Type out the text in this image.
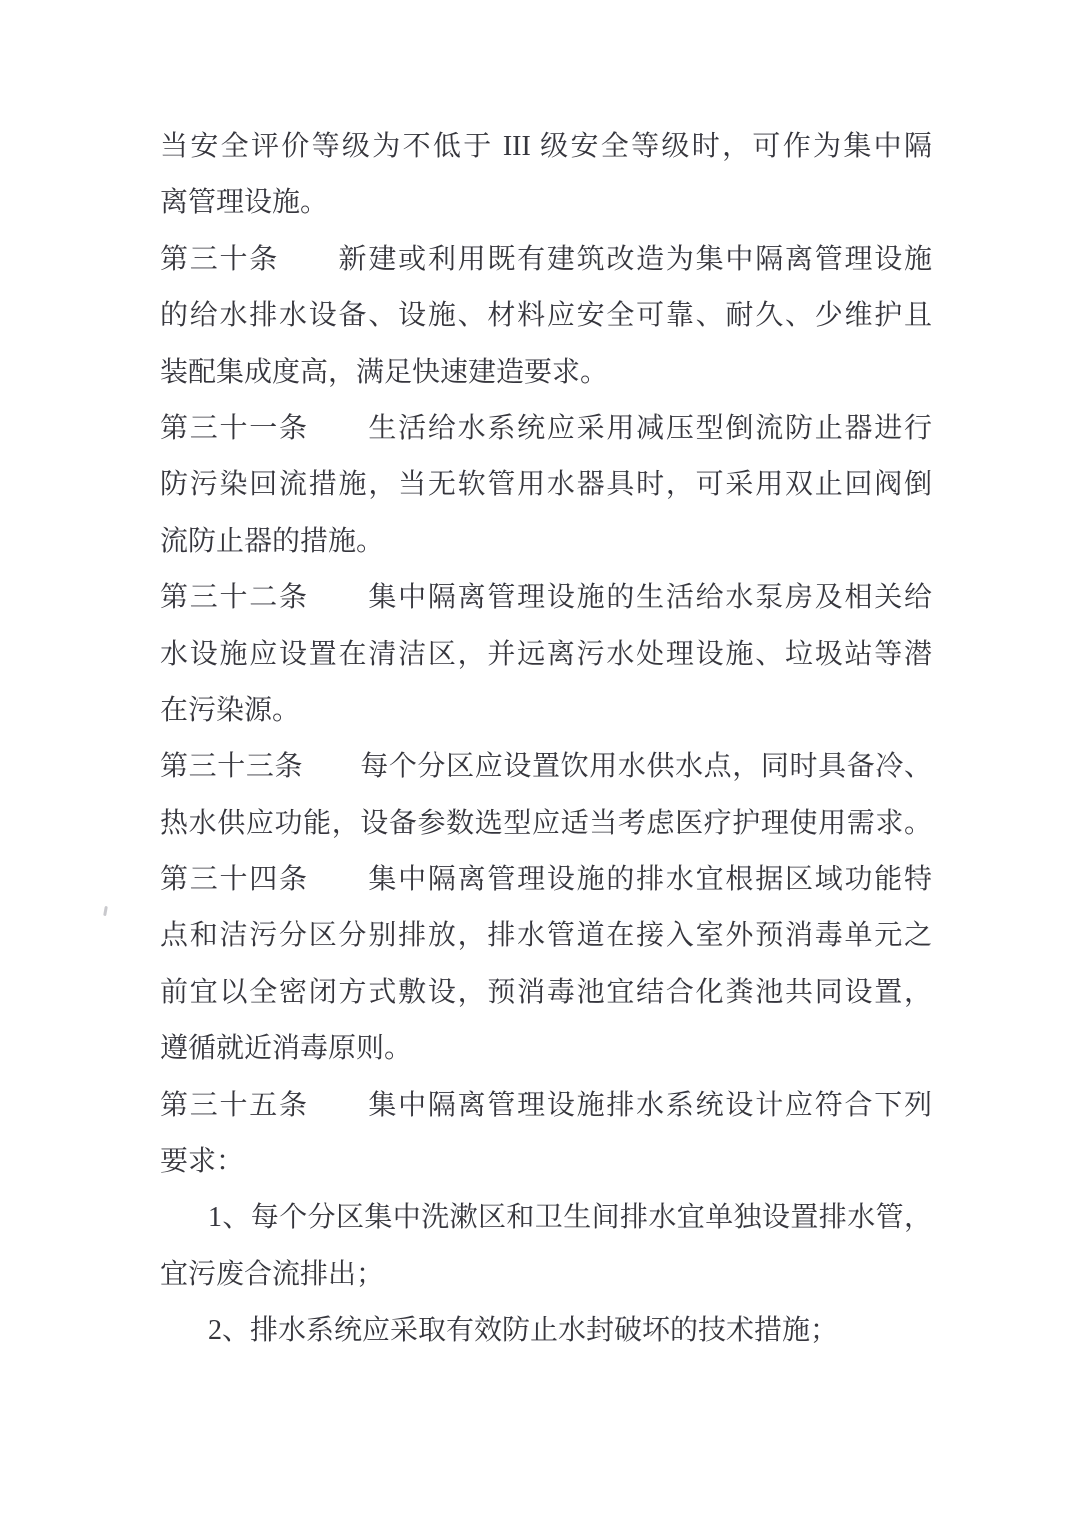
当安全评价等级为不低于 III 级安全等级时，可作为集中隔
离管理设施。
第三十条　　新建或利用既有建筑改造为集中隔离管理设施
的给水排水设备、设施、材料应安全可靠、耐久、少维护且
装配集成度高，满足快速建造要求。
第三十一条　　生活给水系统应采用减压型倒流防止器进行
防污染回流措施，当无软管用水器具时，可采用双止回阀倒
流防止器的措施。
第三十二条　　集中隔离管理设施的生活给水泵房及相关给
水设施应设置在清洁区，并远离污水处理设施、垃圾站等潜
在污染源。
第三十三条　　每个分区应设置饮用水供水点，同时具备冷、
热水供应功能，设备参数选型应适当考虑医疗护理使用需求。
第三十四条　　集中隔离管理设施的排水宜根据区域功能特
点和洁污分区分别排放，排水管道在接入室外预消毒单元之
前宜以全密闭方式敷设，预消毒池宜结合化粪池共同设置，
遵循就近消毒原则。
第三十五条　　集中隔离管理设施排水系统设计应符合下列
要求：
1、每个分区集中洗漱区和卫生间排水宜单独设置排水管，
宜污废合流排出；
2、排水系统应采取有效防止水封破坏的技术措施；
